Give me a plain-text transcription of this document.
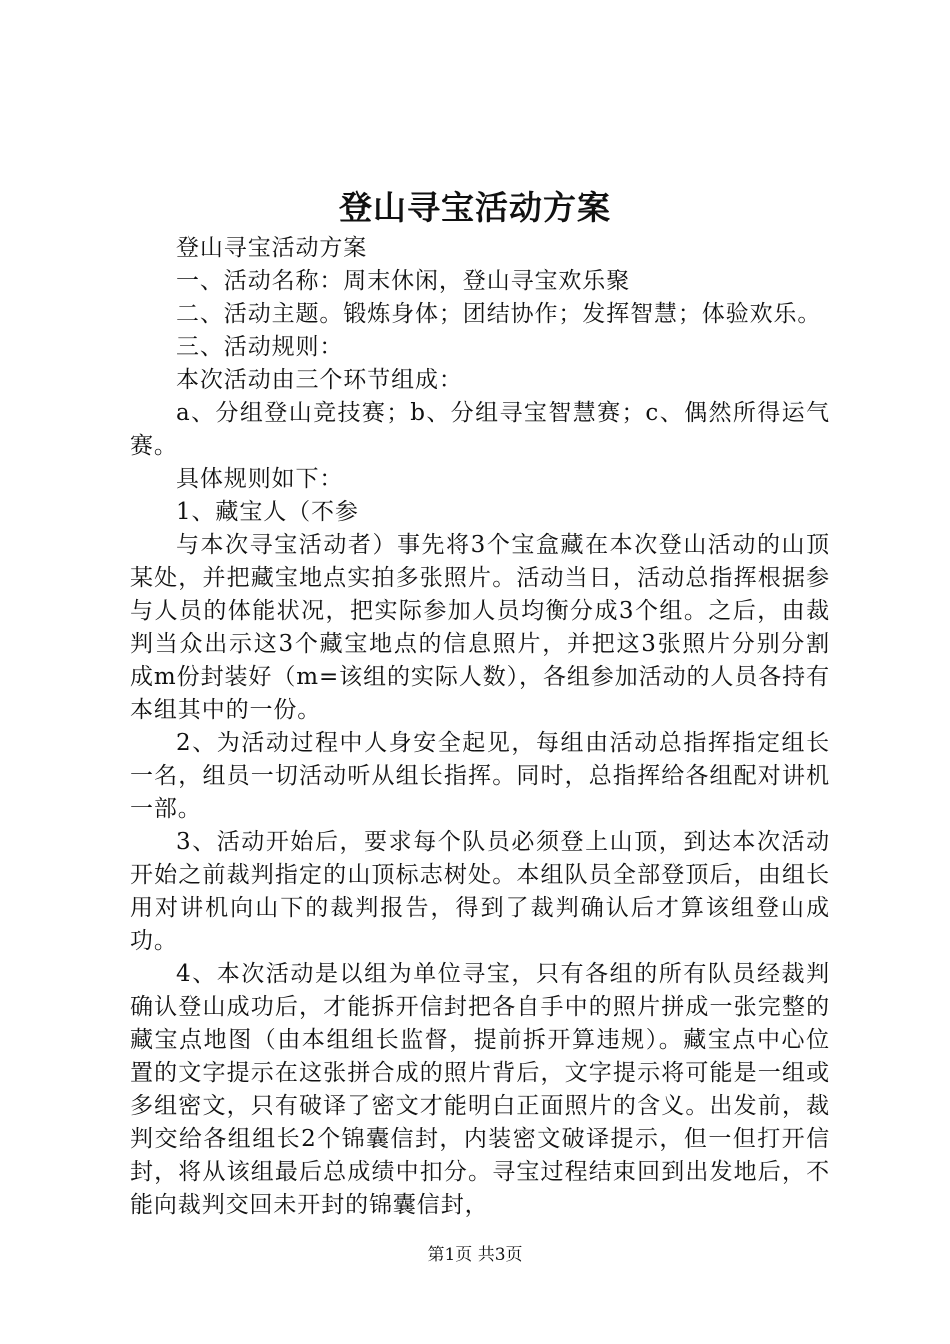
登山寻宝活动方案

登山寻宝活动方案

一、活动名称：周末休闲，登山寻宝欢乐聚

二、活动主题。锻炼身体；团结协作；发挥智慧；体验欢乐。

三、活动规则：

本次活动由三个环节组成：

a、分组登山竞技赛；b、分组寻宝智慧赛；c、偶然所得运气赛。

具体规则如下：

1、藏宝人（不参

与本次寻宝活动者）事先将3个宝盒藏在本次登山活动的山顶某处，并把藏宝地点实拍多张照片。活动当日，活动总指挥根据参与人员的体能状况，把实际参加人员均衡分成3个组。之后，由裁判当众出示这3个藏宝地点的信息照片，并把这3张照片分别分割成m份封装好（m=该组的实际人数），各组参加活动的人员各持有本组其中的一份。

2、为活动过程中人身安全起见，每组由活动总指挥指定组长一名，组员一切活动听从组长指挥。同时，总指挥给各组配对讲机一部。

3、活动开始后，要求每个队员必须登上山顶，到达本次活动开始之前裁判指定的山顶标志树处。本组队员全部登顶后，由组长用对讲机向山下的裁判报告，得到了裁判确认后才算该组登山成功。

4、本次活动是以组为单位寻宝，只有各组的所有队员经裁判确认登山成功后，才能拆开信封把各自手中的照片拼成一张完整的藏宝点地图（由本组组长监督，提前拆开算违规）。藏宝点中心位置的文字提示在这张拼合成的照片背后，文字提示将可能是一组或多组密文，只有破译了密文才能明白正面照片的含义。出发前，裁判交给各组组长2个锦囊信封，内装密文破译提示，但一但打开信封，将从该组最后总成绩中扣分。寻宝过程结束回到出发地后，不能向裁判交回未开封的锦囊信封，

第1页 共3页
